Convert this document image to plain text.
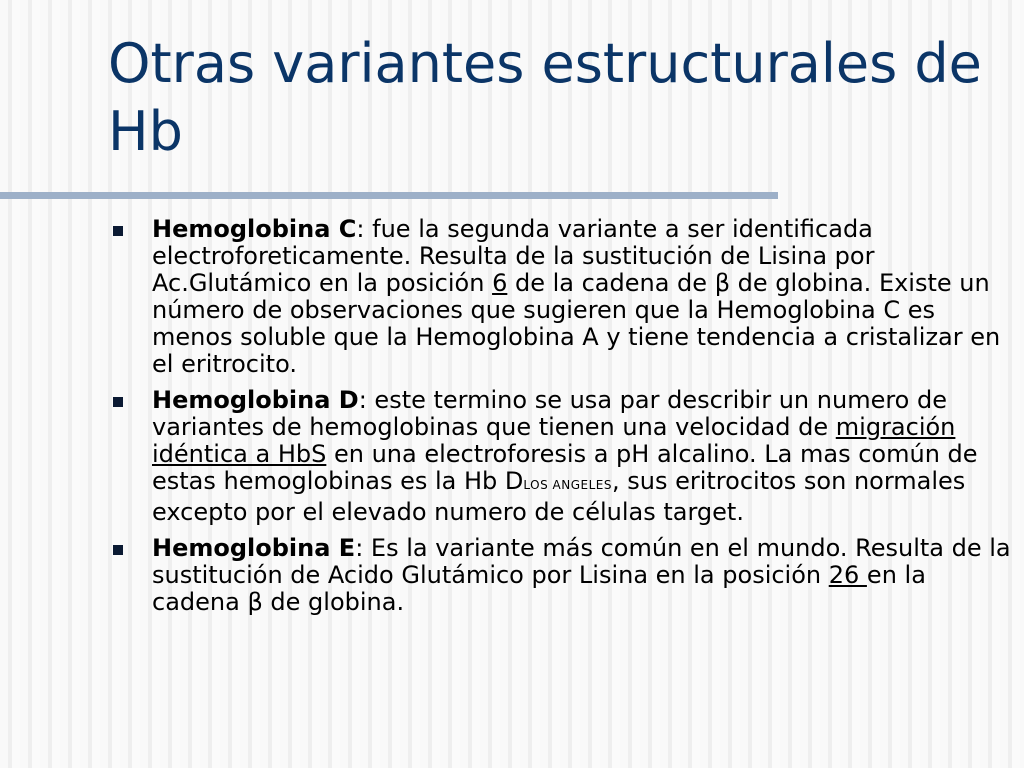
Otras variantes estructurales de Hb
Hemoglobina C: fue la segunda variante a ser identificada electroforeticamente. Resulta de la sustitución de Lisina por Ac.Glutámico en la posición 6 de la cadena de β de globina. Existe un número de observaciones que sugieren que la Hemoglobina C es menos soluble que la Hemoglobina A y tiene tendencia a cristalizar en el eritrocito.
Hemoglobina D: este termino se usa par describir un numero de variantes de hemoglobinas que tienen una velocidad de migración idéntica a HbS en una electroforesis a pH alcalino. La mas común de estas hemoglobinas es la Hb DLOS ANGELES, sus eritrocitos son normales excepto por el elevado numero de células target.
Hemoglobina E: Es la variante más común en el mundo. Resulta de la sustitución de Acido Glutámico por Lisina en la posición 26 en la cadena β de globina.
